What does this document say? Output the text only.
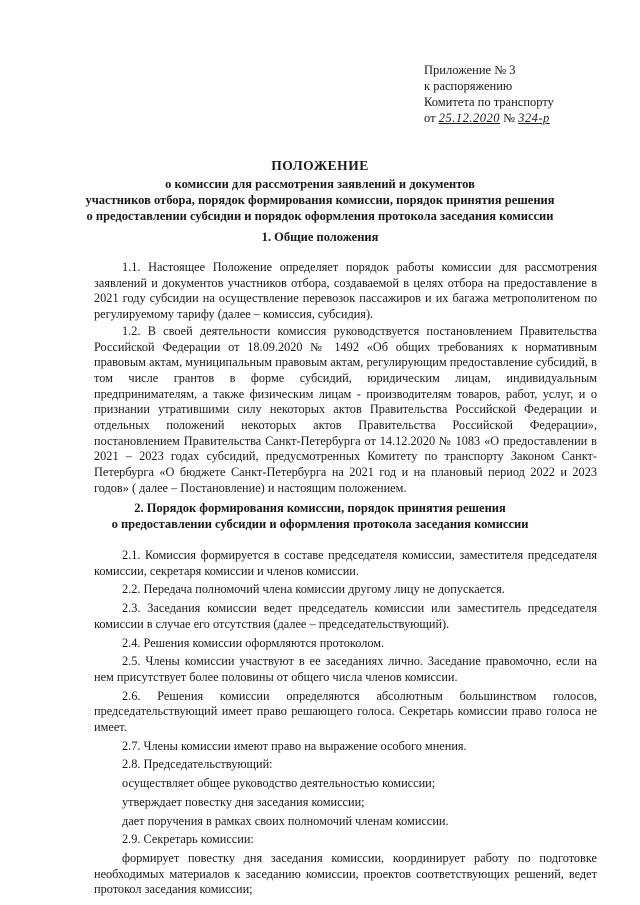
Приложение № 3
к распоряжению
Комитета по транспорту
от 25.12.2020 № 324-р
ПОЛОЖЕНИЕ
о комиссии для рассмотрения заявлений и документов
участников отбора, порядок формирования комиссии, порядок принятия решения
о предоставлении субсидии и порядок оформления протокола заседания комиссии
1. Общие положения

1.1. Настоящее Положение определяет порядок работы комиссии для рассмотрения заявлений и документов участников отбора, создаваемой в целях отбора на предоставление в 2021 году субсидии на осуществление перевозок пассажиров и их багажа метрополитеном по регулируемому тарифу (далее – комиссия, субсидия).

1.2. В своей деятельности комиссия руководствуется постановлением Правительства Российской Федерации от 18.09.2020 № 1492 «Об общих требованиях к нормативным правовым актам, муниципальным правовым актам, регулирующим предоставление субсидий, в том числе грантов в форме субсидий, юридическим лицам, индивидуальным предпринимателям, а также физическим лицам - производителям товаров, работ, услуг, и о признании утратившими силу некоторых актов Правительства Российской Федерации и отдельных положений некоторых актов Правительства Российской Федерации», постановлением Правительства Санкт-Петербурга от 14.12.2020 № 1083 «О предоставлении в 2021 – 2023 годах субсидий, предусмотренных Комитету по транспорту Законом Санкт-Петербурга «О бюджете Санкт-Петербурга на 2021 год и на плановый период 2022 и 2023 годов» ( далее – Постановление) и настоящим положением.

2. Порядок формирования комиссии, порядок принятия решения
о предоставлении субсидии и оформления протокола заседания комиссии

2.1. Комиссия формируется в составе председателя комиссии, заместителя председателя комиссии, секретаря комиссии и членов комиссии.

2.2. Передача полномочий члена комиссии другому лицу не допускается.

2.3. Заседания комиссии ведет председатель комиссии или заместитель председателя комиссии в случае его отсутствия (далее – председательствующий).

2.4. Решения комиссии оформляются протоколом.

2.5. Члены комиссии участвуют в ее заседаниях лично. Заседание правомочно, если на нем присутствует более половины от общего числа членов комиссии.

2.6. Решения комиссии определяются абсолютным большинством голосов, председательствующий имеет право решающего голоса. Секретарь комиссии право голоса не имеет.

2.7. Члены комиссии имеют право на выражение особого мнения.

2.8. Председательствующий:

осуществляет общее руководство деятельностью комиссии;

утверждает повестку дня заседания комиссии;

дает поручения в рамках своих полномочий членам комиссии.

2.9. Секретарь комиссии:

формирует повестку дня заседания комиссии, координирует работу по подготовке необходимых материалов к заседанию комиссии, проектов соответствующих решений, ведет протокол заседания комиссии;
